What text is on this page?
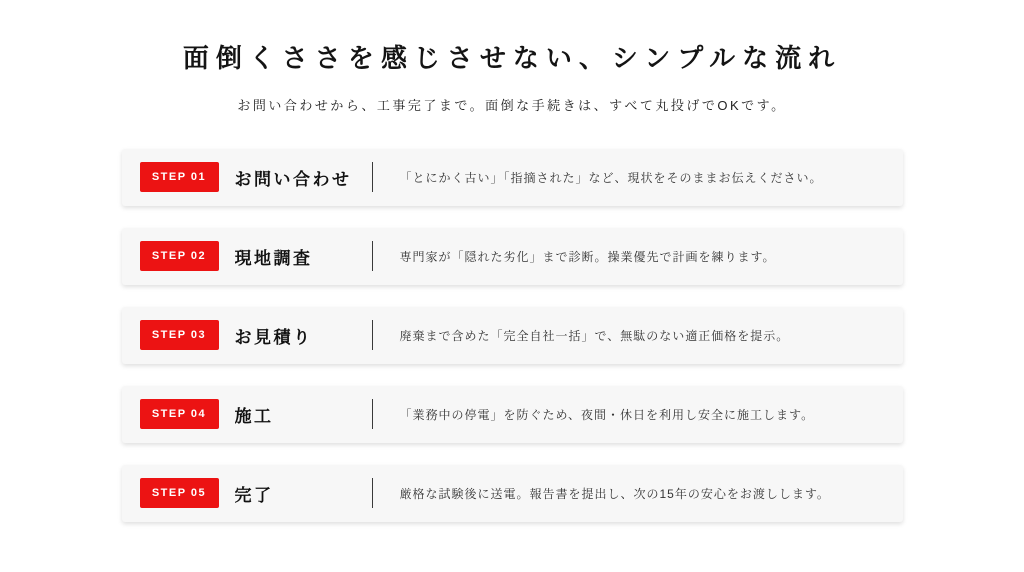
面倒くささを感じさせない、シンプルな流れ
お問い合わせから、工事完了まで。面倒な手続きは、すべて丸投げでOKです。
STEP 01	お問い合わせ	「とにかく古い」「指摘された」など、現状をそのままお伝えください。
STEP 02	現地調査	専門家が「隠れた劣化」まで診断。操業優先で計画を練ります。
STEP 03	お見積り	廃棄まで含めた「完全自社一括」で、無駄のない適正価格を提示。
STEP 04	施工	「業務中の停電」を防ぐため、夜間・休日を利用し安全に施工します。
STEP 05	完了	厳格な試験後に送電。報告書を提出し、次の15年の安心をお渡しします。
